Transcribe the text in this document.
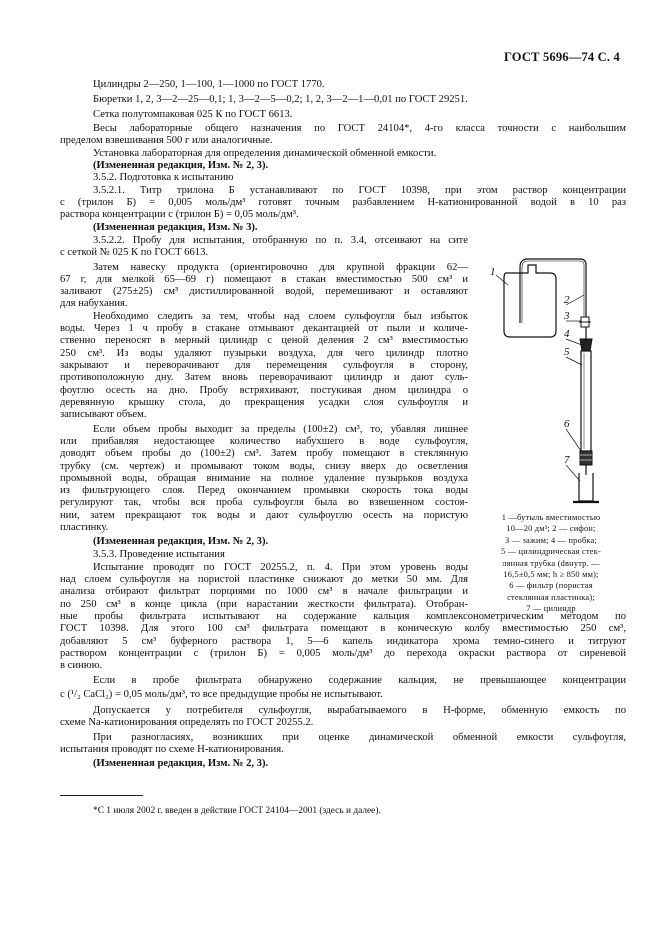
ГОСТ 5696—74 С. 4
Цилиндры 2—250, 1—100, 1—1000 по ГОСТ 1770.
Бюретки 1, 2, 3—2—25—0,1; 1, 3—2—5—0,2; 1, 2, 3—2—1—0,01 по ГОСТ 29251.
Сетка полутомпаковая 025 К по ГОСТ 6613.
Весы лабораторные общего назначения по ГОСТ 24104*, 4-го класса точности с наибольшим
пределом взвешивания 500 г или аналогичные.
Установка лабораторная для определения динамической обменной емкости.
(Измененная редакция, Изм. № 2, 3).
3.5.2. Подготовка к испытанию
3.5.2.1. Титр трилона Б устанавливают по ГОСТ 10398, при этом раствор концентрации
c (трилон Б) = 0,005 моль/дм³ готовят точным разбавлением Н-катионированной водой в 10 раз
раствора концентрации c (трилон Б) = 0,05 моль/дм³.
(Измененная редакция, Изм. № 3).
3.5.2.2. Пробу для испытания, отобранную по п. 3.4, отсеивают на сите
с сеткой № 025 К по ГОСТ 6613.
Затем навеску продукта (ориентировочно для крупной фракции 62—
67 г, для мелкой 65—69 г) помещают в стакан вместимостью 500 см³ и
заливают (275±25) см³ дистиллированной водой, перемешивают и оставляют
для набухания.
Необходимо следить за тем, чтобы над слоем сульфоугля был избыток
воды. Через 1 ч пробу в стакане отмывают декантацией от пыли и количе-
ственно переносят в мерный цилиндр с ценой деления 2 см³ вместимостью
250 см³. Из воды удаляют пузырьки воздуха, для чего цилиндр плотно
закрывают и переворачивают для перемещения сульфоугля в сторону,
противоположную дну. Затем вновь переворачивают цилиндр и дают суль-
фоуглю осесть на дно. Пробу встряхивают, постукивая дном цилиндра о
деревянную крышку стола, до прекращения усадки слоя сульфоугля и
записывают объем.
Если объем пробы выходит за пределы (100±2) см³, то, убавляя лишнее
или прибавляя недостающее количество набухшего в воде сульфоугля,
доводят объем пробы до (100±2) см³. Затем пробу помещают в стеклянную
трубку (см. чертеж) и промывают током воды, снизу вверх до осветления
промывной воды, обращая внимание на полное удаление пузырьков воздуха
из фильтрующего слоя. Перед окончанием промывки скорость тока воды
регулируют так, чтобы вся проба сульфоугля была во взвешенном состоя-
нии, затем прекращают ток воды и дают сульфоуглю осесть на пористую
пластинку.
(Измененная редакция, Изм. № 2, 3).
3.5.3. Проведение испытания
Испытание проводят по ГОСТ 20255.2, п. 4. При этом уровень воды
над слоем сульфоугля на пористой пластинке снижают до метки 50 мм. Для
анализа отбирают фильтрат порциями по 1000 см³ в начале фильтрации и
по 250 см³ в конце цикла (при нарастании жесткости фильтрата). Отобран-
ные пробы фильтрата испытывают на содержание кальция комплексонометрическим методом по
ГОСТ 10398. Для этого 100 см³ фильтрата помещают в коническую колбу вместимостью 250 см³,
добавляют 5 см³ буферного раствора 1, 5—6 капель индикатора хрома темно-синего и титруют
раствором концентрации c (трилон Б) = 0,005 моль/дм³ до перехода окраски раствора от сиреневой
в синюю.
Если в пробе фильтрата обнаружено содержание кальция, не превышающее концентрации
c (¹/₂ CaCl₂) = 0,05 моль/дм³, то все предыдущие пробы не испытывают.
Допускается у потребителя сульфоугля, вырабатываемого в Н-форме, обменную емкость по
схеме Na-катионирования определять по ГОСТ 20255.2.
При разногласиях, возникших при оценке динамической обменной емкости сульфоугля,
испытания проводят по схеме Н-катионирования.
(Измененная редакция, Изм. № 2, 3).
1
2
3
4
5
6
7
1 —бутыль вместимостью
10—20 дм³; 2 — сифон;
3 — зажим; 4 — пробка;
5 — цилиндрическая стек-
лянная трубка (dвнутр. —
16,5±0,5 мм; h ≥ 850 мм);
6 — фильтр (пористая
стеклянная пластинка);
7 — цилиндр
*С 1 июля 2002 г. введен в действие ГОСТ 24104—2001 (здесь и далее).
